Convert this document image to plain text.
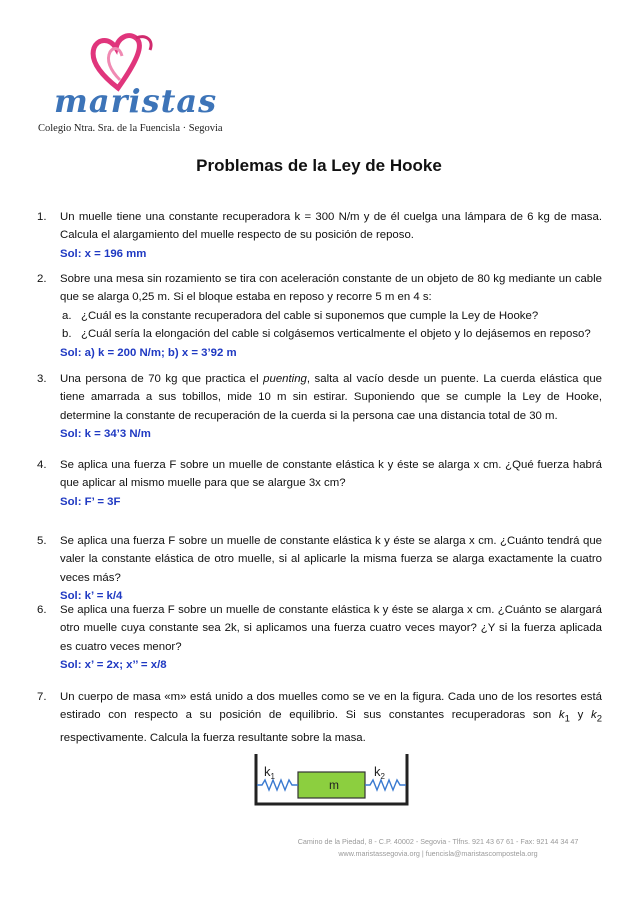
maristas
Colegio Ntra. Sra. de la Fuencisla · Segovia
Problemas de la Ley de Hooke
1. Un muelle tiene una constante recuperadora k = 300 N/m y de él cuelga una lámpara de 6 kg de masa. Calcula el alargamiento del muelle respecto de su posición de reposo.
Sol: x = 196 mm
2. Sobre una mesa sin rozamiento se tira con aceleración constante de un objeto de 80 kg mediante un cable que se alarga 0,25 m. Si el bloque estaba en reposo y recorre 5 m en 4 s:
a. ¿Cuál es la constante recuperadora del cable si suponemos que cumple la Ley de Hooke?
b. ¿Cuál sería la elongación del cable si colgásemos verticalmente el objeto y lo dejásemos en reposo?
Sol: a) k = 200 N/m; b) x = 3’92 m
3. Una persona de 70 kg que practica el puenting, salta al vacío desde un puente. La cuerda elástica que tiene amarrada a sus tobillos, mide 10 m sin estirar. Suponiendo que se cumple la Ley de Hooke, determine la constante de recuperación de la cuerda si la persona cae una distancia total de 30 m.
Sol: k = 34’3 N/m
4. Se aplica una fuerza F sobre un muelle de constante elástica k y éste se alarga x cm. ¿Qué fuerza habrá que aplicar al mismo muelle para que se alargue 3x cm?
Sol: F’ = 3F
5. Se aplica una fuerza F sobre un muelle de constante elástica k y éste se alarga x cm. ¿Cuánto tendrá que valer la constante elástica de otro muelle, si al aplicarle la misma fuerza se alarga exactamente la cuatro veces más?
Sol: k’ = k/4
6. Se aplica una fuerza F sobre un muelle de constante elástica k y éste se alarga x cm. ¿Cuánto se alargará otro muelle cuya constante sea 2k, si aplicamos una fuerza cuatro veces mayor? ¿Y si la fuerza aplicada es cuatro veces menor?
Sol: x’ = 2x; x’’ = x/8
7. Un cuerpo de masa «m» está unido a dos muelles como se ve en la figura. Cada uno de los resortes está estirado con respecto a su posición de equilibrio. Si sus constantes recuperadoras son $k_1$ y $k_2$ respectivamente. Calcula la fuerza resultante sobre la masa.
$k_1$
m
$k_2$
Camino de la Piedad, 8 - C.P. 40002 - Segovia - Tlfns. 921 43 67 61 - Fax: 921 44 34 47
www.maristassegovia.org | fuencisla@maristascompostela.org
